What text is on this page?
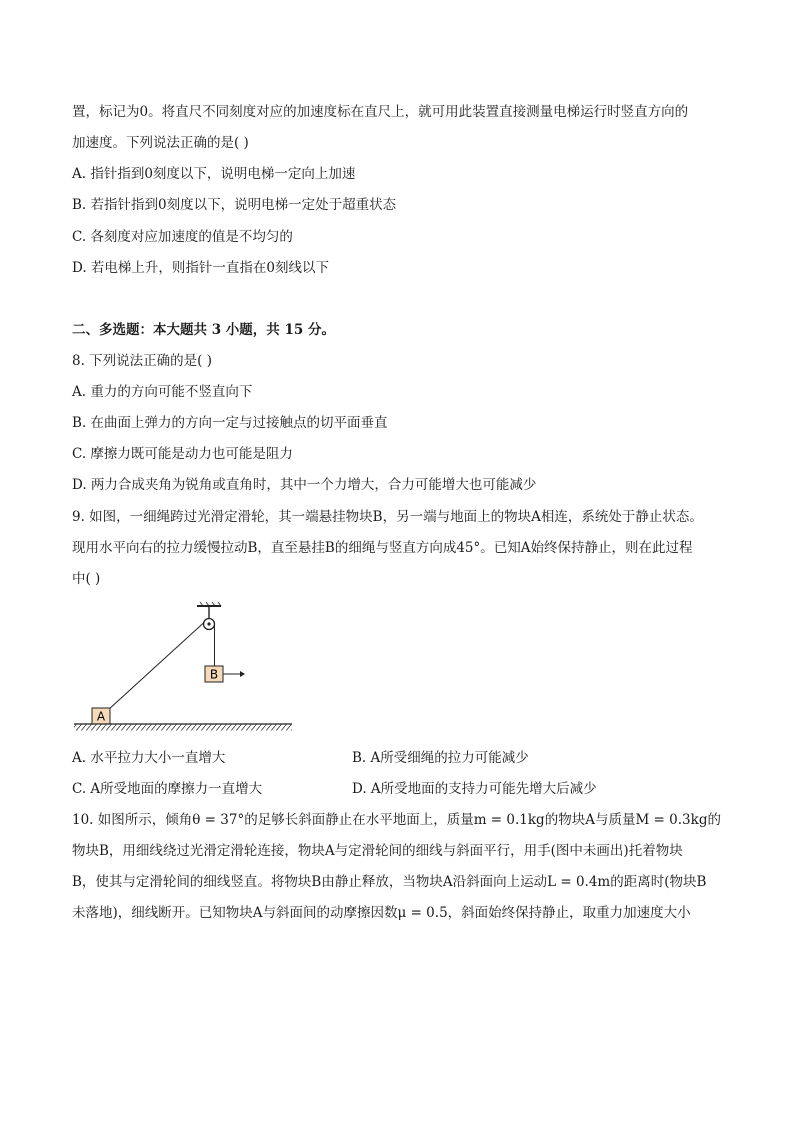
置，标记为0。将直尺不同刻度对应的加速度标在直尺上，就可用此装置直接测量电梯运行时竖直方向的
加速度。下列说法正确的是( )
A. 指针指到0刻度以下，说明电梯一定向上加速
B. 若指针指到0刻度以下，说明电梯一定处于超重状态
C. 各刻度对应加速度的值是不均匀的
D. 若电梯上升，则指针一直指在0刻线以下
二、多选题：本大题共 3 小题，共 15 分。
8. 下列说法正确的是( )
A. 重力的方向可能不竖直向下
B. 在曲面上弹力的方向一定与过接触点的切平面垂直
C. 摩擦力既可能是动力也可能是阻力
D. 两力合成夹角为锐角或直角时，其中一个力增大，合力可能增大也可能减少
9. 如图，一细绳跨过光滑定滑轮，其一端悬挂物块B，另一端与地面上的物块A相连，系统处于静止状态。
现用水平向右的拉力缓慢拉动B，直至悬挂B的细绳与竖直方向成45°。已知A始终保持静止，则在此过程
中( )
B
A
A. 水平拉力大小一直增大	B. A所受细绳的拉力可能减少
C. A所受地面的摩擦力一直增大	D. A所受地面的支持力可能先增大后减少
10. 如图所示，倾角θ = 37°的足够长斜面静止在水平地面上，质量m = 0.1kg的物块A与质量M = 0.3kg的
物块B，用细线绕过光滑定滑轮连接，物块A与定滑轮间的细线与斜面平行，用手(图中未画出)托着物块
B，使其与定滑轮间的细线竖直。将物块B由静止释放，当物块A沿斜面向上运动L = 0.4m的距离时(物块B
未落地)，细线断开。已知物块A与斜面间的动摩擦因数μ = 0.5，斜面始终保持静止，取重力加速度大小
